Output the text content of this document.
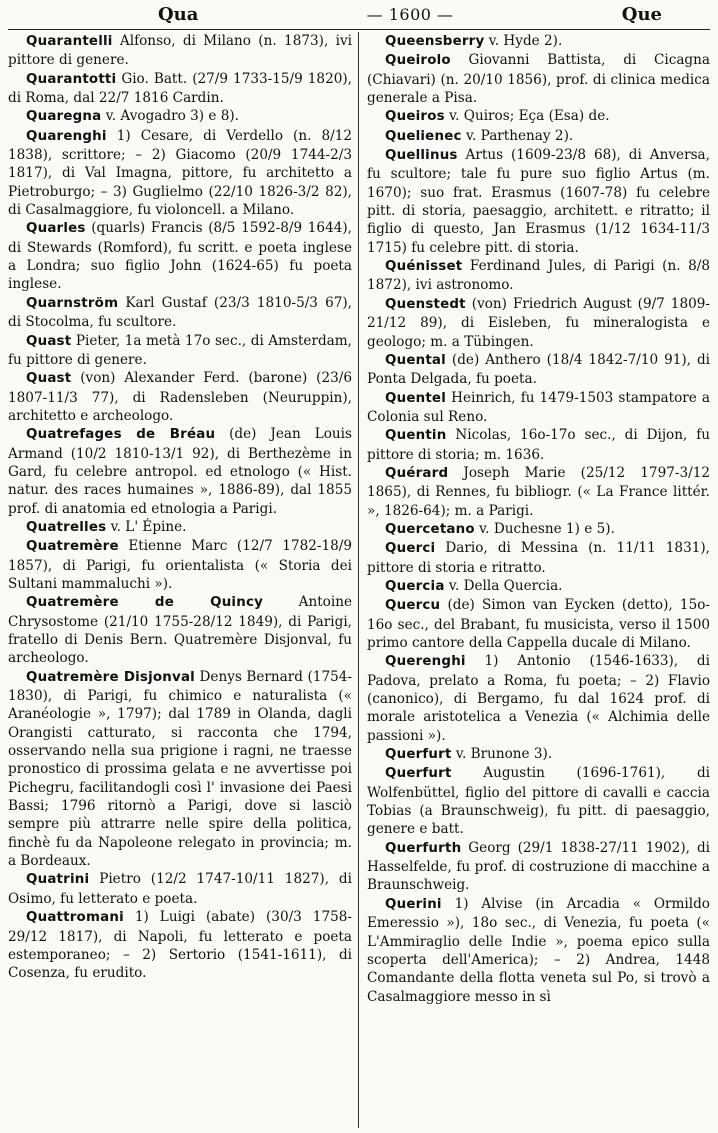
Qua	— 1600 —	Que

Quarantelli Alfonso, di Milano (n. 1873), ivi pittore di genere.

Quarantotti Gio. Batt. (27/9 1733-15/9 1820), di Roma, dal 22/7 1816 Cardin.

Quaregna v. Avogadro 3) e 8).

Quarenghi 1) Cesare, di Verdello (n. 8/12 1838), scrittore; – 2) Giacomo (20/9 1744-2/3 1817), di Val Imagna, pittore, fu architetto a Pietroburgo; – 3) Guglielmo (22/10 1826-3/2 82), di Casalmaggiore, fu violoncell. a Milano.

Quarles (quarls) Francis (8/5 1592-8/9 1644), di Stewards (Romford), fu scritt. e poeta inglese a Londra; suo figlio John (1624-65) fu poeta inglese.

Quarnström Karl Gustaf (23/3 1810-5/3 67), di Stocolma, fu scultore.

Quast Pieter, 1a metà 17o sec., di Amsterdam, fu pittore di genere.

Quast (von) Alexander Ferd. (barone) (23/6 1807-11/3 77), di Radensleben (Neuruppin), architetto e archeologo.

Quatrefages de Bréau (de) Jean Louis Armand (10/2 1810-13/1 92), di Berthezème in Gard, fu celebre antropol. ed etnologo (« Hist. natur. des races humaines », 1886-89), dal 1855 prof. di anatomia ed etnologia a Parigi.

Quatrelles v. L' Épine.

Quatremère Etienne Marc (12/7 1782-18/9 1857), di Parigi, fu orientalista (« Storia dei Sultani mammaluchi »).

Quatremère de Quincy Antoine Chrysostome (21/10 1755-28/12 1849), di Parigi, fratello di Denis Bern. Quatremère Disjonval, fu archeologo.

Quatremère Disjonval Denys Bernard (1754-1830), di Parigi, fu chimico e naturalista (« Aranéologie », 1797); dal 1789 in Olanda, dagli Orangisti catturato, si racconta che 1794, osservando nella sua prigione i ragni, ne traesse pronostico di prossima gelata e ne avvertisse poi Pichegru, facilitandogli così l' invasione dei Paesi Bassi; 1796 ritornò a Parigi, dove si lasciò sempre più attrarre nelle spire della politica, finchè fu da Napoleone relegato in provincia; m. a Bordeaux.

Quatrini Pietro (12/2 1747-10/11 1827), di Osimo, fu letterato e poeta.

Quattromani 1) Luigi (abate) (30/3 1758-29/12 1817), di Napoli, fu letterato e poeta estemporaneo; – 2) Sertorio (1541-1611), di Cosenza, fu erudito.

Queensberry v. Hyde 2).

Queirolo Giovanni Battista, di Cicagna (Chiavari) (n. 20/10 1856), prof. di clinica medica generale a Pisa.

Queiros v. Quiros; Eça (Esa) de.

Quelienec v. Parthenay 2).

Quellinus Artus (1609-23/8 68), di Anversa, fu scultore; tale fu pure suo figlio Artus (m. 1670); suo frat. Erasmus (1607-78) fu celebre pitt. di storia, paesaggio, architett. e ritratto; il figlio di questo, Jan Erasmus (1/12 1634-11/3 1715) fu celebre pitt. di storia.

Quénisset Ferdinand Jules, di Parigi (n. 8/8 1872), ivi astronomo.

Quenstedt (von) Friedrich August (9/7 1809-21/12 89), di Eisleben, fu mineralogista e geologo; m. a Tübingen.

Quental (de) Anthero (18/4 1842-7/10 91), di Ponta Delgada, fu poeta.

Quentel Heinrich, fu 1479-1503 stampatore a Colonia sul Reno.

Quentin Nicolas, 16o-17o sec., di Dijon, fu pittore di storia; m. 1636.

Quérard Joseph Marie (25/12 1797-3/12 1865), di Rennes, fu bibliogr. (« La France littér. », 1826-64); m. a Parigi.

Quercetano v. Duchesne 1) e 5).

Querci Dario, di Messina (n. 11/11 1831), pittore di storia e ritratto.

Quercia v. Della Quercia.

Quercu (de) Simon van Eycken (detto), 15o-16o sec., del Brabant, fu musicista, verso il 1500 primo cantore della Cappella ducale di Milano.

Querenghi 1) Antonio (1546-1633), di Padova, prelato a Roma, fu poeta; – 2) Flavio (canonico), di Bergamo, fu dal 1624 prof. di morale aristotelica a Venezia (« Alchimia delle passioni »).

Querfurt v. Brunone 3).

Querfurt Augustin (1696-1761), di Wolfenbüttel, figlio del pittore di cavalli e caccia Tobias (a Braunschweig), fu pitt. di paesaggio, genere e batt.

Querfurth Georg (29/1 1838-27/11 1902), di Hasselfelde, fu prof. di costruzione di macchine a Braunschweig.

Querini 1) Alvise (in Arcadia « Ormildo Emeressio »), 18o sec., di Venezia, fu poeta (« L'Ammiraglio delle Indie », poema epico sulla scoperta dell'America); – 2) Andrea, 1448 Comandante della flotta veneta sul Po, si trovò a Casalmaggiore messo in sì
